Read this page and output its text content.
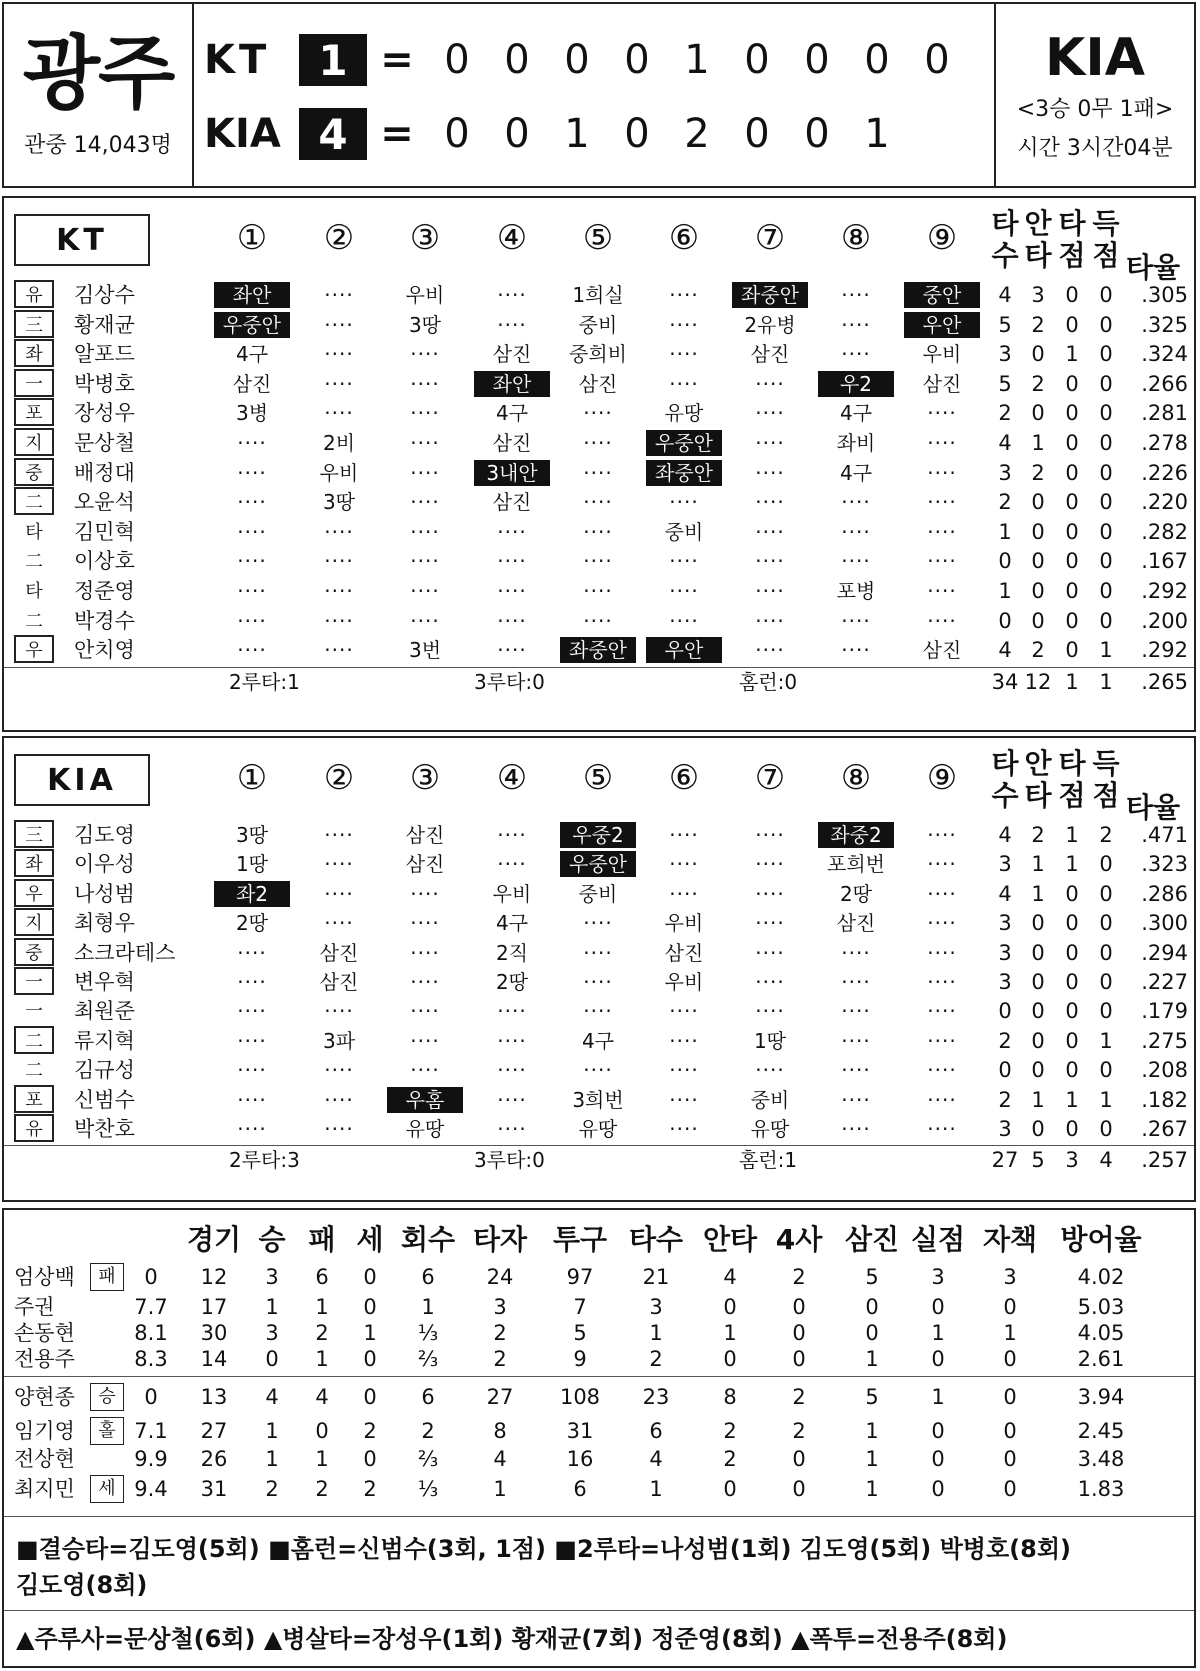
광주
관중 14,043명
KT	1 = 0 0 0 0 1 0 0 0 0
KIA 4 = 0 0 1 0 2 0 0 1
KIA
<3승 0무 1패>
시간 3시간04분
KT	①	②	③	④	⑤	⑥	⑦	⑧	⑨	타
수
안
타
타
점
득
점 타율
유	김상수	좌안	····	우비	····	1희실	····	좌중안	····	중안	4 3 0 0	.305
三	황재균	우중안	····	3땅	····	중비	····	2유병	····	우안	5 2 0 0	.325
좌	알포드	4구	····	····	삼진	중희비	····	삼진	····	우비	3 0 1 0	.324
一	박병호	삼진	····	····	좌안	삼진	····	····	우2	삼진	5 2 0 0	.266
포	장성우	3병	····	····	4구	····	유땅	····	4구	····	2 0 0 0	.281
지	문상철	····	2비	····	삼진	····	우중안	····	좌비	····	4 1 0 0	.278
중	배정대	····	우비	····	3내안	····	좌중안	····	4구	····	3 2 0 0	.226
二	오윤석	····	3땅	····	삼진	····	····	····	····	····	2 0 0 0	.220
타	김민혁	····	····	····	····	····	중비	····	····	····	1 0 0 0	.282
二	이상호	····	····	····	····	····	····	····	····	····	0 0 0 0	.167
타	정준영	····	····	····	····	····	····	····	포병	····	1 0 0 0	.292
二	박경수	····	····	····	····	····	····	····	····	····	0 0 0 0	.200
우	안치영	····	····	3번	····	좌중안	우안	····	····	삼진	4 2 0 1	.292
2루타:1	3루타:0	홈런:0	34 12 1 1	.265
KIA	①	②	③	④	⑤	⑥	⑦	⑧	⑨	타
수
안
타
타
점
득
점 타율
三	김도영	3땅	····	삼진	····	우중2	····	····	좌중2	····	4 2 1 2	.471
좌	이우성	1땅	····	삼진	····	우중안	····	····	포희번	····	3 1 1 0	.323
우	나성범	좌2	····	····	우비	중비	····	····	2땅	····	4 1 0 0	.286
지	최형우	2땅	····	····	4구	····	우비	····	삼진	····	3 0 0 0	.300
중	소크라테스	····	삼진	····	2직	····	삼진	····	····	····	3 0 0 0	.294
一	변우혁	····	삼진	····	2땅	····	우비	····	····	····	3 0 0 0	.227
一	최원준	····	····	····	····	····	····	····	····	····	0 0 0 0	.179
二	류지혁	····	3파	····	····	4구	····	1땅	····	····	2 0 0 1	.275
二	김규성	····	····	····	····	····	····	····	····	····	0 0 0 0	.208
포	신범수	····	····	우홈	····	3희번	····	중비	····	····	2 1 1 1	.182
유	박찬호	····	····	유땅	····	유땅	····	유땅	····	····	3 0 0 0	.267
2루타:3	3루타:0	홈런:1	27 5 3 4	.257
경기 승 패 세 회수 타자 투구 타수 안타 4사 삼진 실점 자책 방어율
엄상백	패	0	12	3	6	0	6	24	97	21	4	2	5	3	3	4.02
주권	7.7	17	1	1	0	1	3	7	3	0	0	0	0	0	5.03
손동현	8.1	30	3	2	1	⅓	2	5	1	1	0	0	1	1	4.05
전용주	8.3	14	0	1	0	⅔	2	9	2	0	0	1	0	0	2.61
양현종	승	0	13	4	4	0	6	27	108	23	8	2	5	1	0	3.94
임기영	홀 7.1	27	1	0	2	2	8	31	6	2	2	1	0	0	2.45
전상현	9.9	26	1	1	0	⅔	4	16	4	2	0	1	0	0	3.48
최지민	세 9.4	31	2	2	2	⅓	1	6	1	0	0	1	0	0	1.83
■결승타=김도영(5회) ■홈런=신범수(3회, 1점) ■2루타=나성범(1회) 김도영(5회) 박병호(8회)
김도영(8회)
▲주루사=문상철(6회) ▲병살타=장성우(1회) 황재균(7회) 정준영(8회) ▲폭투=전용주(8회)
